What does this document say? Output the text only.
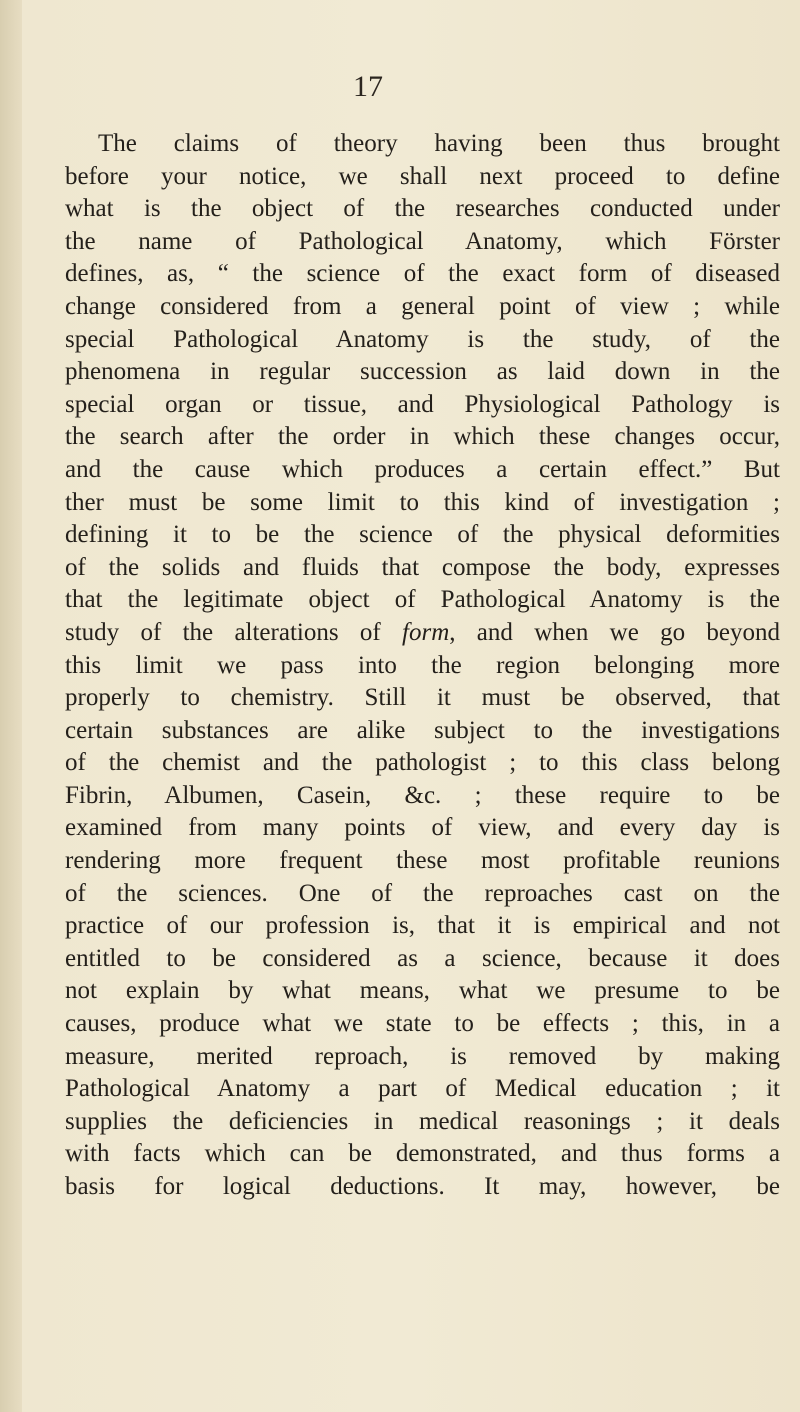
17
The claims of theory having been thus brought
before your notice, we shall next proceed to define
what is the object of the researches conducted under
the name of Pathological Anatomy, which Förster
defines, as, “ the science of the exact form of diseased
change considered from a general point of view ; while
special Pathological Anatomy is the study, of the
phenomena in regular succession as laid down in the
special organ or tissue, and Physiological Pathology is
the search after the order in which these changes occur,
and the cause which produces a certain effect.” But
ther must be some limit to this kind of investigation ;
defining it to be the science of the physical deformities
of the solids and fluids that compose the body, expresses
that the legitimate object of Pathological Anatomy is the
study of the alterations of form, and when we go beyond
this limit we pass into the region belonging more
properly to chemistry. Still it must be observed, that
certain substances are alike subject to the investigations
of the chemist and the pathologist ; to this class belong
Fibrin, Albumen, Casein, &c. ; these require to be
examined from many points of view, and every day is
rendering more frequent these most profitable reunions
of the sciences. One of the reproaches cast on the
practice of our profession is, that it is empirical and not
entitled to be considered as a science, because it does
not explain by what means, what we presume to be
causes, produce what we state to be effects ; this, in a
measure, merited reproach, is removed by making
Pathological Anatomy a part of Medical education ; it
supplies the deficiencies in medical reasonings ; it deals
with facts which can be demonstrated, and thus forms a
basis for logical deductions. It may, however, be
